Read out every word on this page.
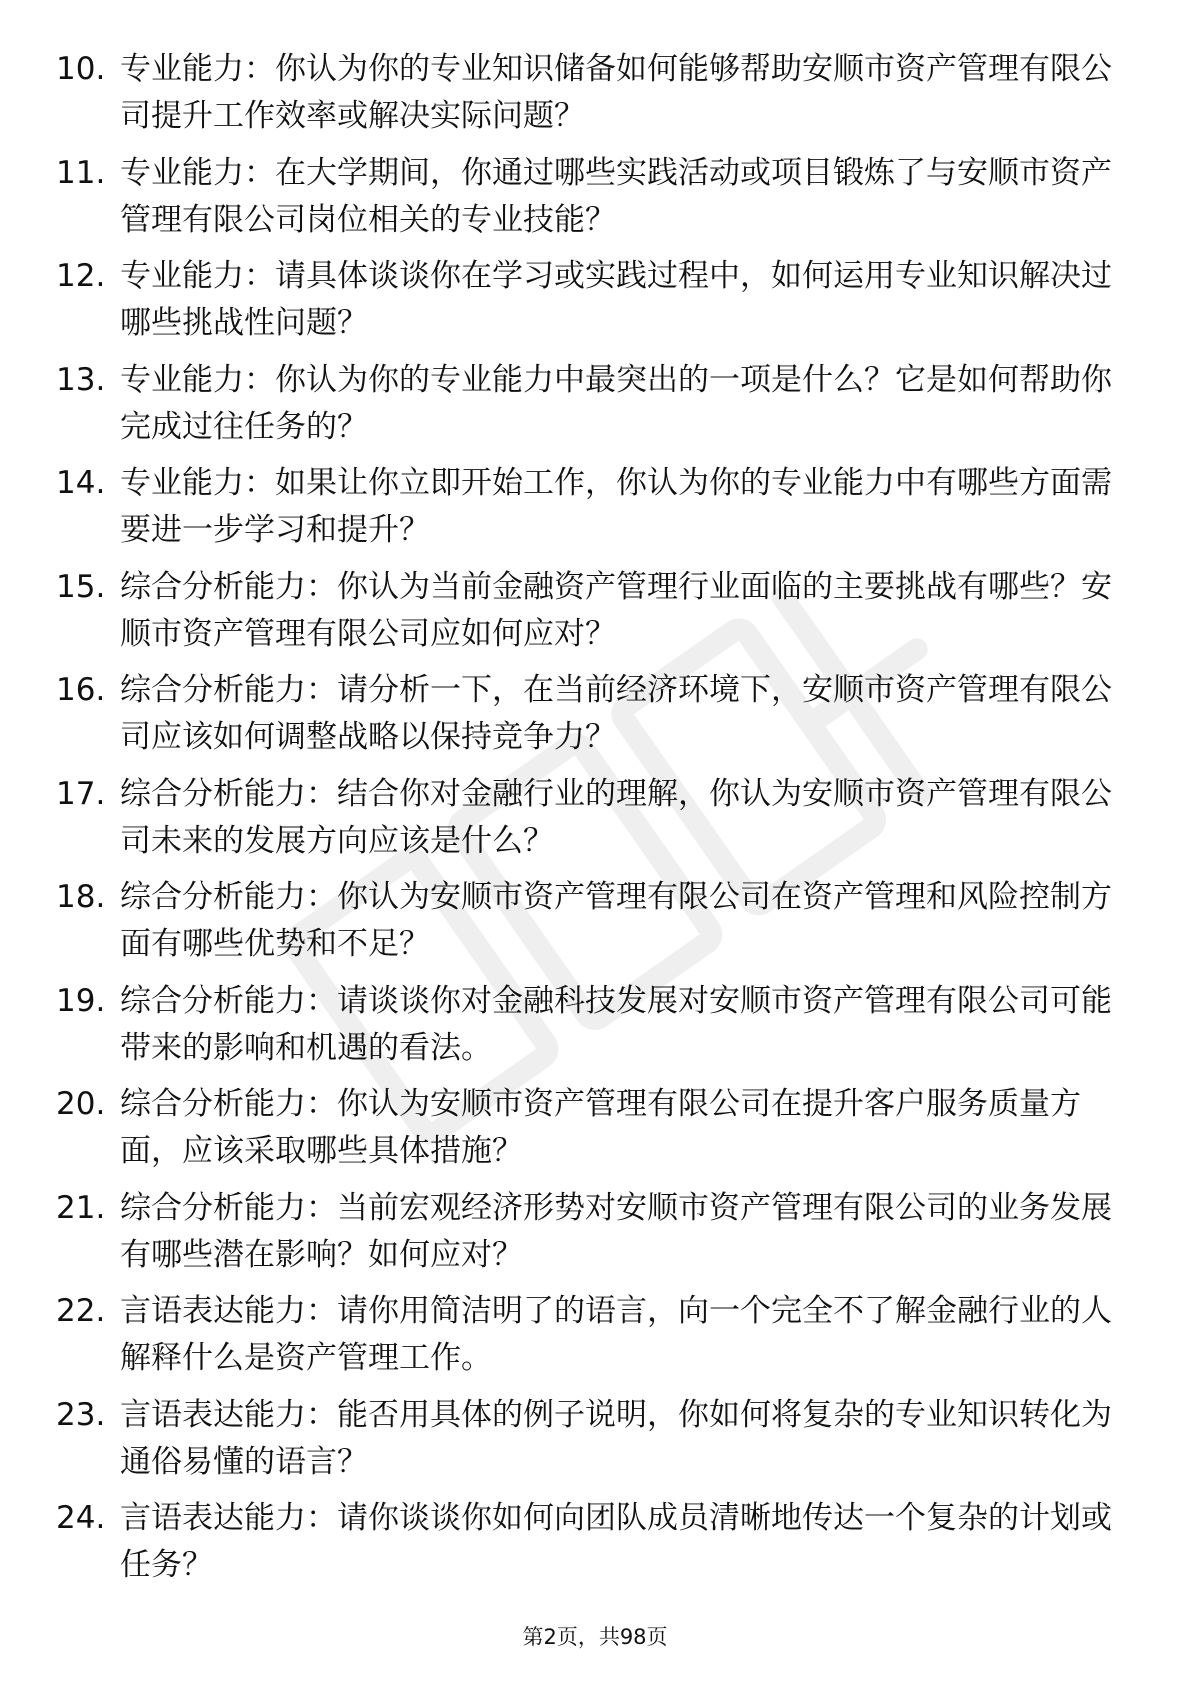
10. 专业能力：你认为你的专业知识储备如何能够帮助安顺市资产管理有限公司提升工作效率或解决实际问题？
11. 专业能力：在大学期间，你通过哪些实践活动或项目锻炼了与安顺市资产管理有限公司岗位相关的专业技能？
12. 专业能力：请具体谈谈你在学习或实践过程中，如何运用专业知识解决过哪些挑战性问题？
13. 专业能力：你认为你的专业能力中最突出的一项是什么？它是如何帮助你完成过往任务的？
14. 专业能力：如果让你立即开始工作，你认为你的专业能力中有哪些方面需要进一步学习和提升？
15. 综合分析能力：你认为当前金融资产管理行业面临的主要挑战有哪些？安顺市资产管理有限公司应如何应对？
16. 综合分析能力：请分析一下，在当前经济环境下，安顺市资产管理有限公司应该如何调整战略以保持竞争力？
17. 综合分析能力：结合你对金融行业的理解，你认为安顺市资产管理有限公司未来的发展方向应该是什么？
18. 综合分析能力：你认为安顺市资产管理有限公司在资产管理和风险控制方面有哪些优势和不足？
19. 综合分析能力：请谈谈你对金融科技发展对安顺市资产管理有限公司可能带来的影响和机遇的看法。
20. 综合分析能力：你认为安顺市资产管理有限公司在提升客户服务质量方面，应该采取哪些具体措施？
21. 综合分析能力：当前宏观经济形势对安顺市资产管理有限公司的业务发展有哪些潜在影响？如何应对？
22. 言语表达能力：请你用简洁明了的语言，向一个完全不了解金融行业的人解释什么是资产管理工作。
23. 言语表达能力：能否用具体的例子说明，你如何将复杂的专业知识转化为通俗易懂的语言？
24. 言语表达能力：请你谈谈你如何向团队成员清晰地传达一个复杂的计划或任务？
第2页，共98页
